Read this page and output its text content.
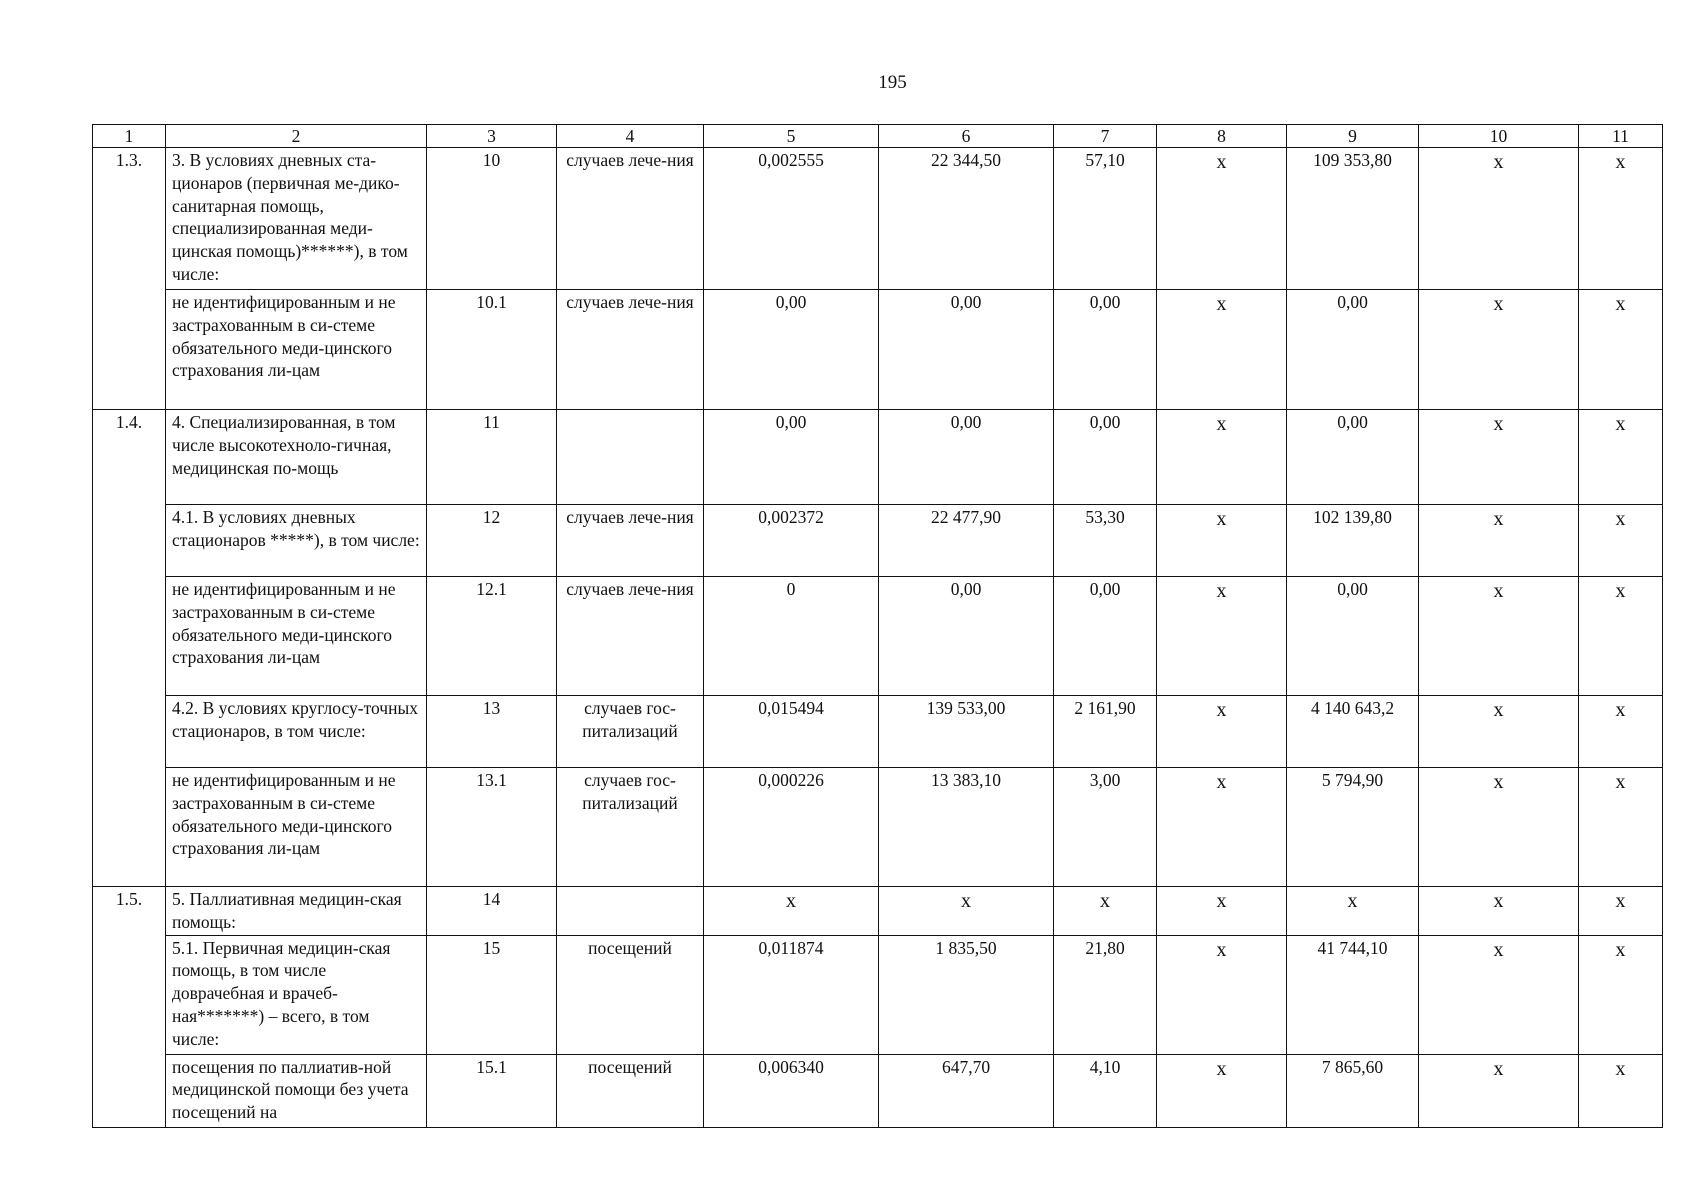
195
1	2	3	4	5	6	7	8	9	10	11
1.3.	3. В условиях дневных ста-ционаров (первичная ме-дико-санитарная помощь, специализированная меди-цинская помощь)******), в том числе:	10	случаев лече-ния	0,002555	22 344,50	57,10	х	109 353,80	х	х
	не идентифицированным и не застрахованным в си-стеме обязательного меди-цинского страхования ли-цам	10.1	случаев лече-ния	0,00	0,00	0,00	х	0,00	х	х
1.4.	4. Специализированная, в том числе высокотехноло-гичная, медицинская по-мощь	11		0,00	0,00	0,00	х	0,00	х	х
	4.1. В условиях дневных стационаров *****), в том числе:	12	случаев лече-ния	0,002372	22 477,90	53,30	х	102 139,80	х	х
	не идентифицированным и не застрахованным в си-стеме обязательного меди-цинского страхования ли-цам	12.1	случаев лече-ния	0	0,00	0,00	х	0,00	х	х
	4.2. В условиях круглосу-точных стационаров, в том числе:	13	случаев гос-питализаций	0,015494	139 533,00	2 161,90	х	4 140 643,2	х	х
	не идентифицированным и не застрахованным в си-стеме обязательного меди-цинского страхования ли-цам	13.1	случаев гос-питализаций	0,000226	13 383,10	3,00	х	5 794,90	х	х
1.5.	5. Паллиативная медицин-ская помощь:	14		х	х	х	х	х	х	х
	5.1. Первичная медицин-ская помощь, в том числе доврачебная и врачеб-ная*******) – всего, в том числе:	15	посещений	0,011874	1 835,50	21,80	х	41 744,10	х	х
	посещения по паллиатив-ной медицинской помощи без учета посещений на	15.1	посещений	0,006340	647,70	4,10	х	7 865,60	х	х
